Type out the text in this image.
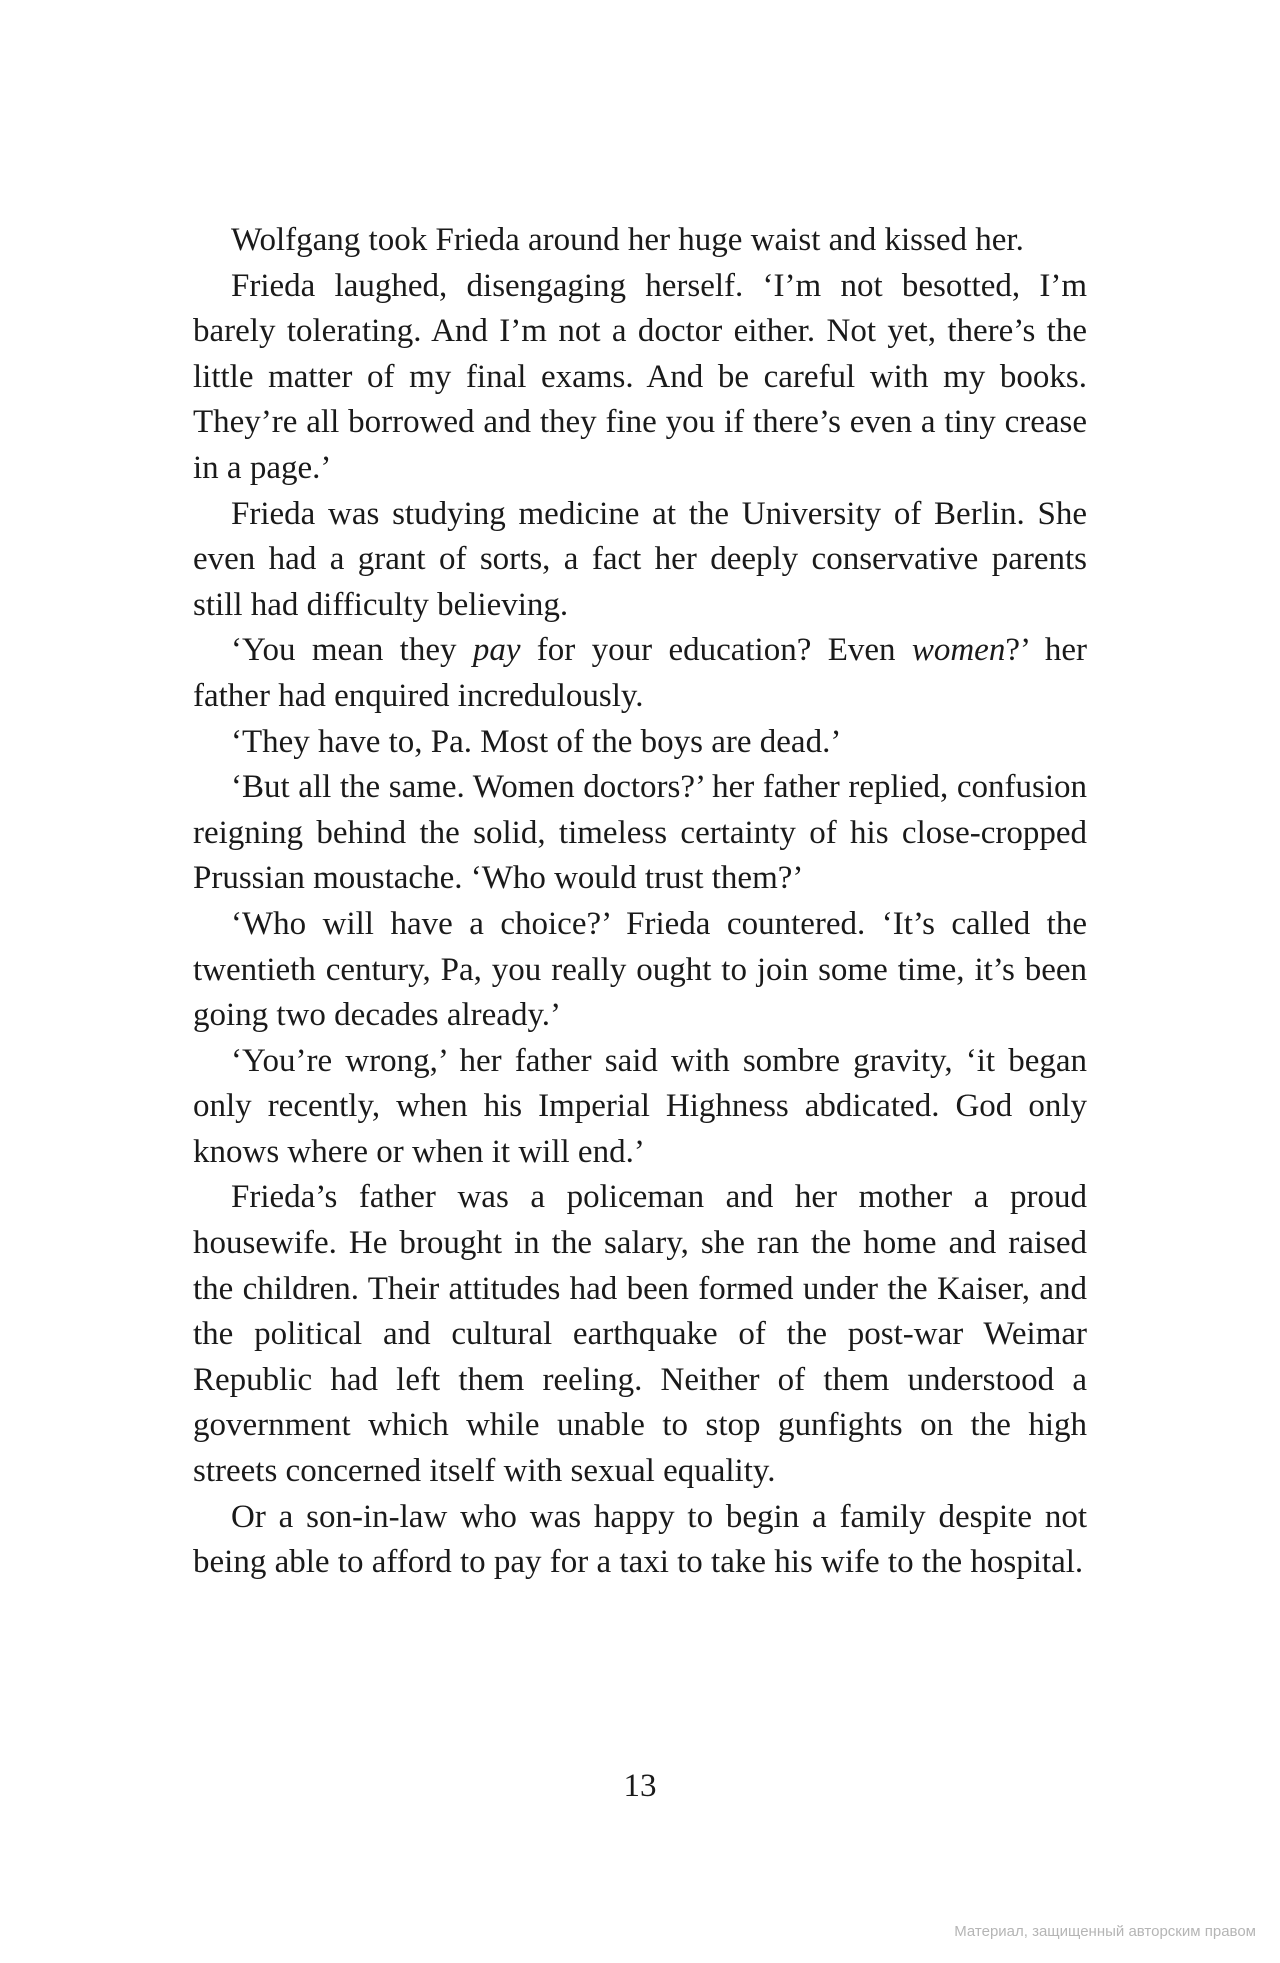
Wolfgang took Frieda around her huge waist and kissed her.

Frieda laughed, disengaging herself. ‘I’m not besotted, I’m barely tolerating. And I’m not a doctor either. Not yet, there’s the little matter of my final exams. And be careful with my books. They’re all borrowed and they fine you if there’s even a tiny crease in a page.’

Frieda was studying medicine at the University of Berlin. She even had a grant of sorts, a fact her deeply conservative parents still had difficulty believing.

‘You mean they pay for your education? Even women?’ her father had enquired incredulously.

‘They have to, Pa. Most of the boys are dead.’

‘But all the same. Women doctors?’ her father replied, confusion reigning behind the solid, timeless certainty of his close-cropped Prussian moustache. ‘Who would trust them?’

‘Who will have a choice?’ Frieda countered. ‘It’s called the twentieth century, Pa, you really ought to join some time, it’s been going two decades already.’

‘You’re wrong,’ her father said with sombre gravity, ‘it began only recently, when his Imperial Highness abdicated. God only knows where or when it will end.’

Frieda’s father was a policeman and her mother a proud housewife. He brought in the salary, she ran the home and raised the children. Their attitudes had been formed under the Kaiser, and the political and cultural earthquake of the post-war Weimar Republic had left them reeling. Neither of them understood a government which while unable to stop gunfights on the high streets concerned itself with sexual equality.

Or a son-in-law who was happy to begin a family despite not being able to afford to pay for a taxi to take his wife to the hospital.

13
Материал, защищенный авторским правом
